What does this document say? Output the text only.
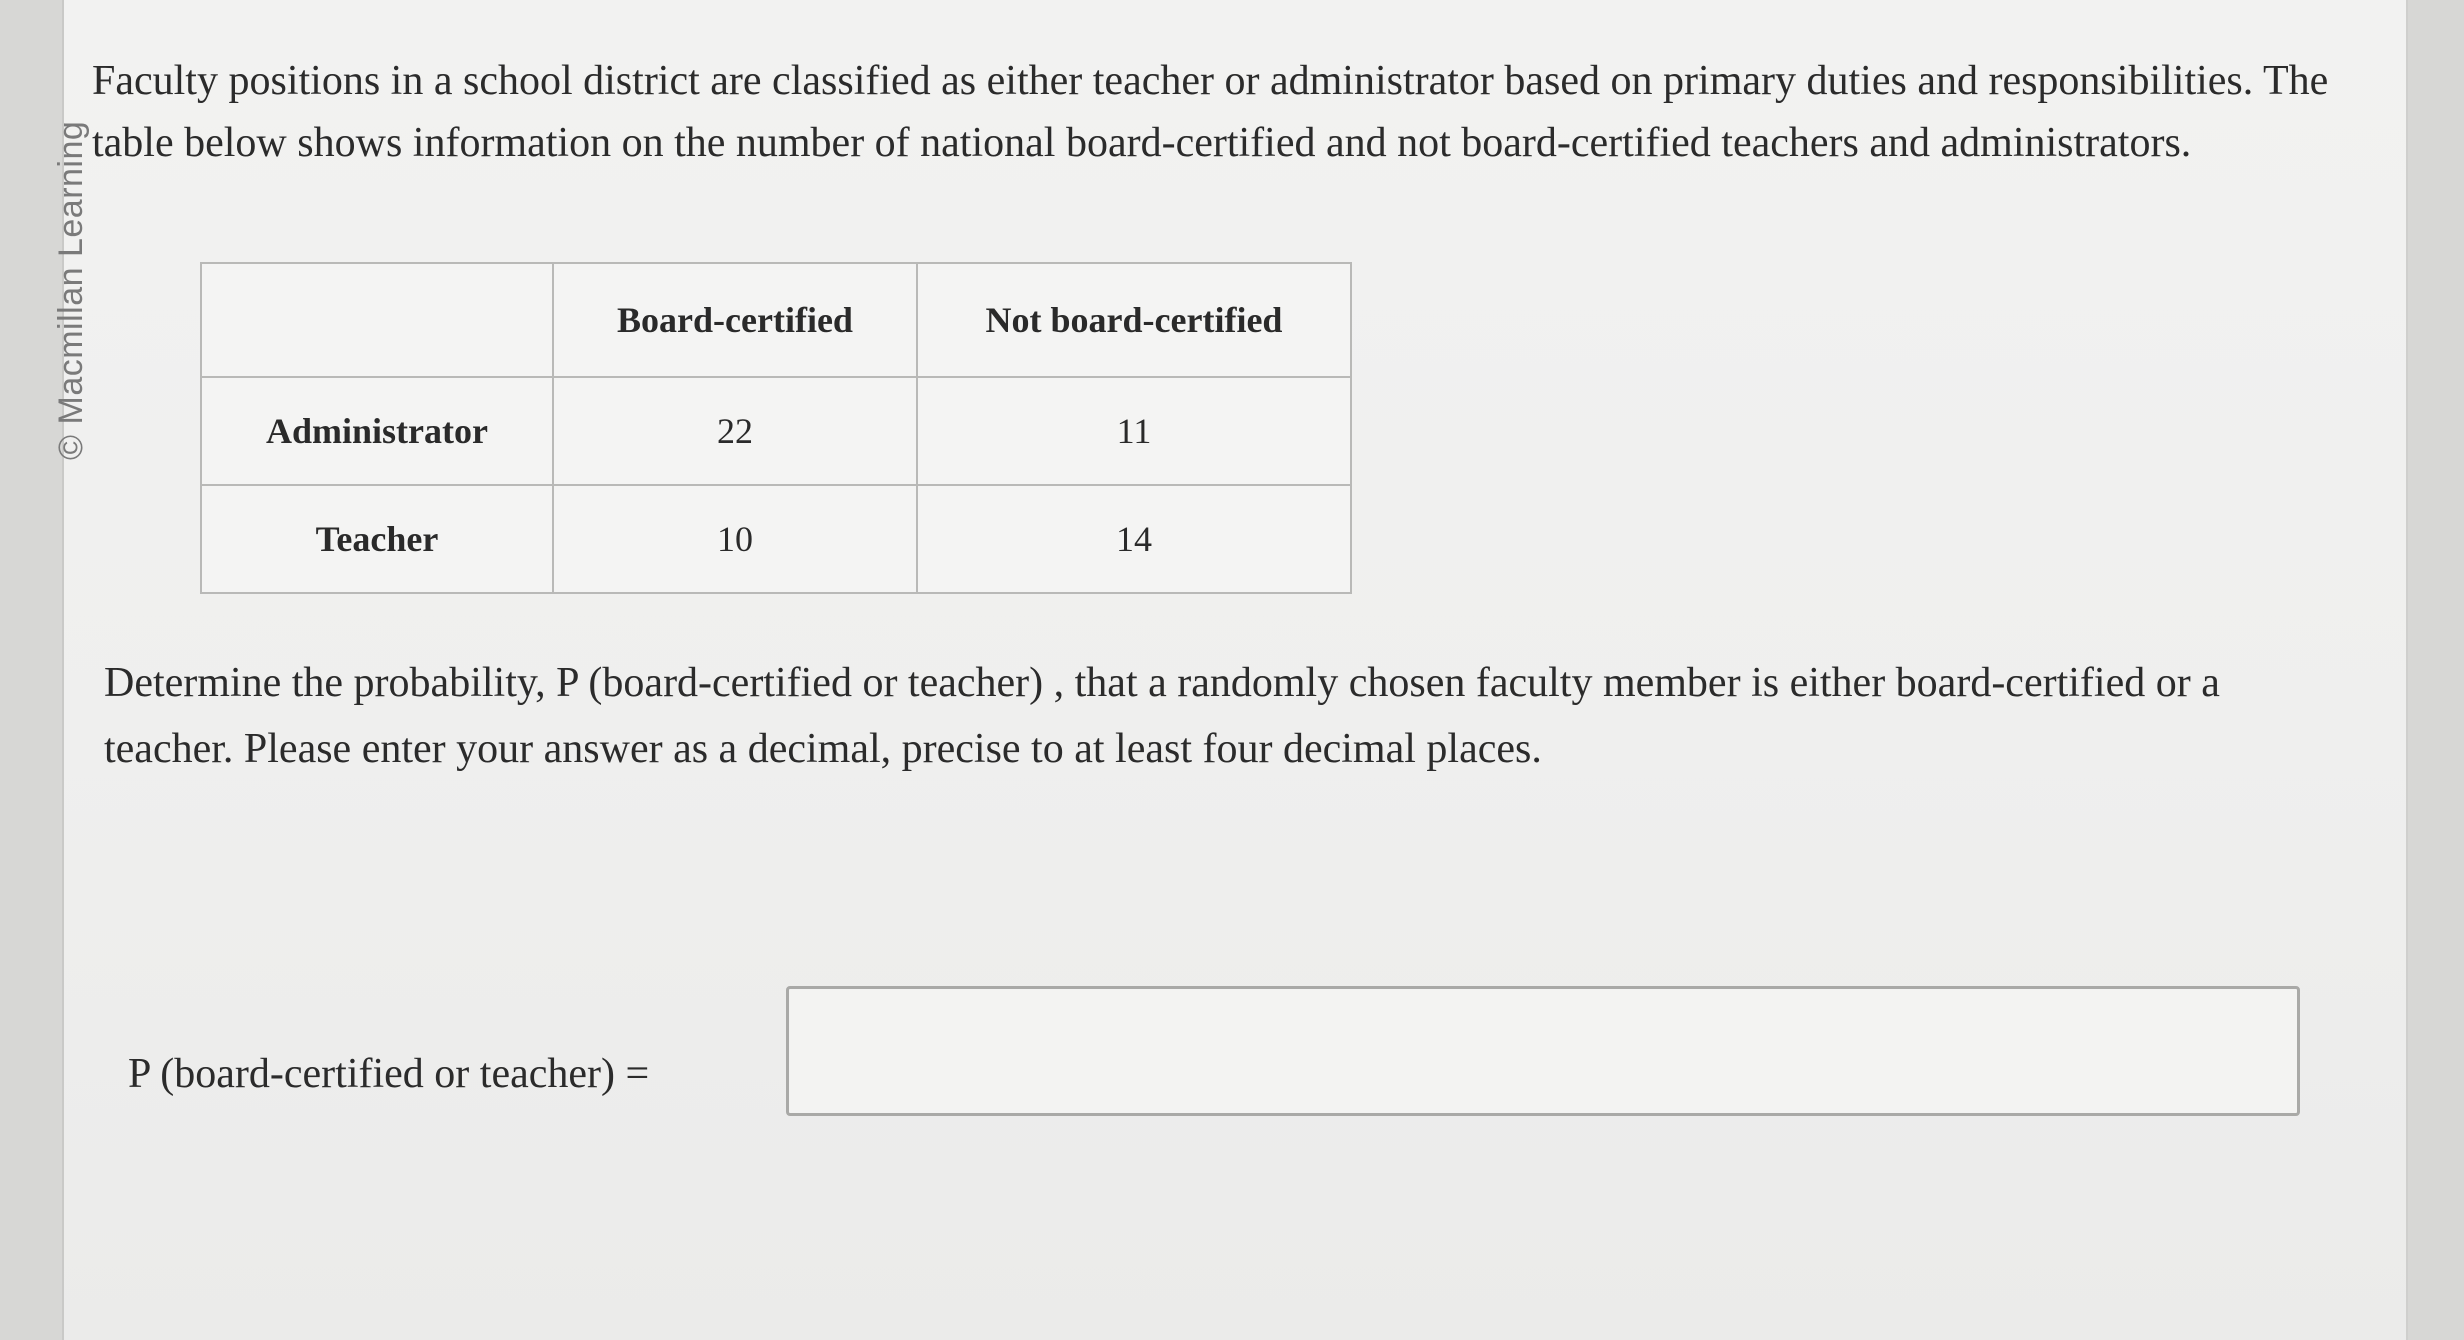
© Macmillan Learning

Faculty positions in a school district are classified as either teacher or administrator based on primary duties and responsibilities. The table below shows information on the number of national board-certified and not board-certified teachers and administrators.

	Board-certified	Not board-certified
Administrator	22	11
Teacher	10	14

Determine the probability, P (board-certified or teacher) , that a randomly chosen faculty member is either board-certified or a teacher. Please enter your answer as a decimal, precise to at least four decimal places.

P (board-certified or teacher) =
